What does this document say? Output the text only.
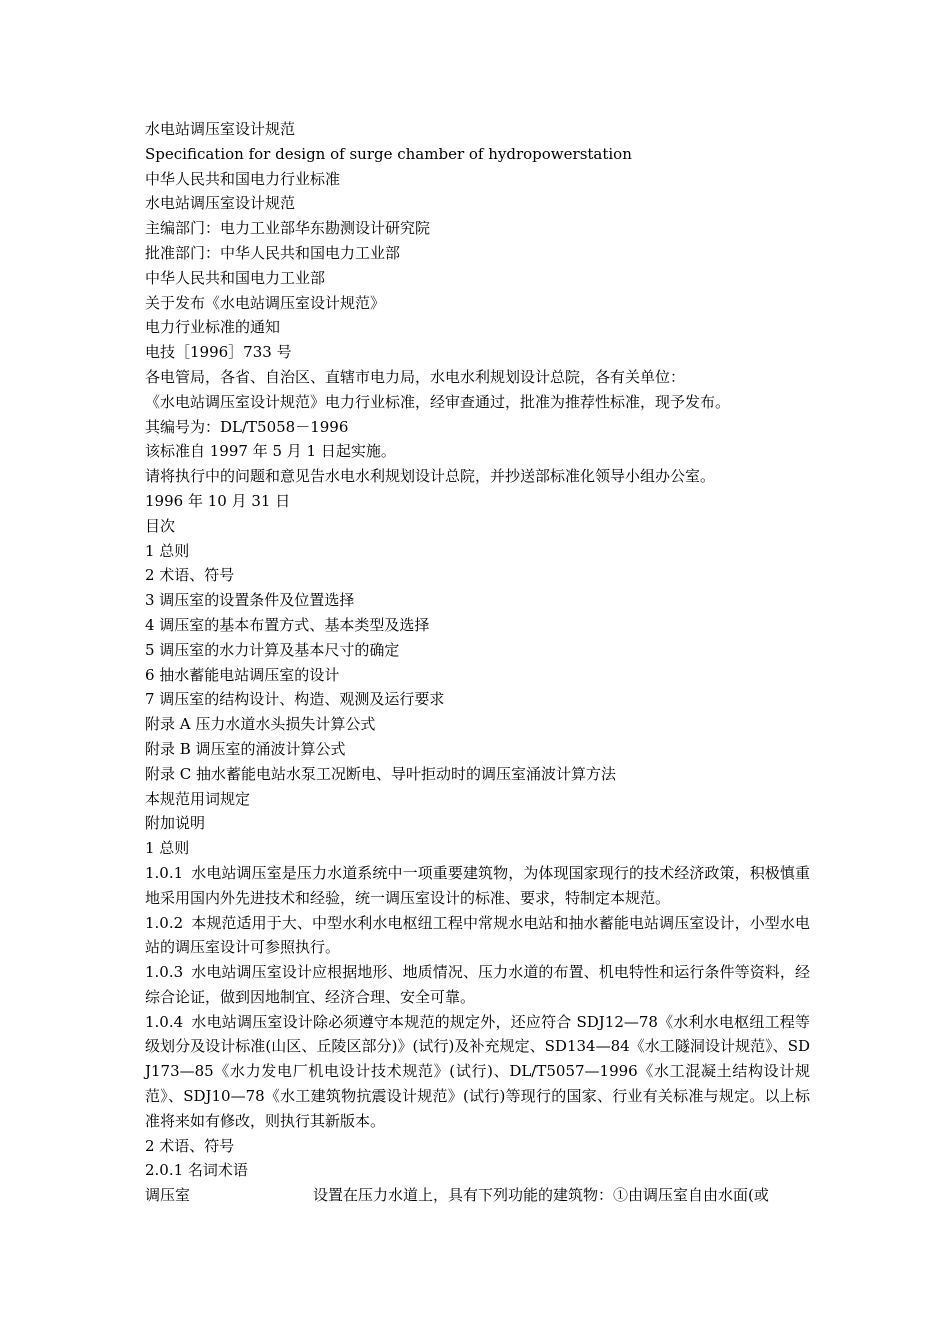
水电站调压室设计规范
Specification for design of surge chamber of hydropowerstation
中华人民共和国电力行业标准
水电站调压室设计规范
主编部门：电力工业部华东勘测设计研究院
批准部门：中华人民共和国电力工业部
中华人民共和国电力工业部
关于发布《水电站调压室设计规范》
电力行业标准的通知
电技［1996］733 号
各电管局，各省、自治区、直辖市电力局，水电水利规划设计总院，各有关单位：
《水电站调压室设计规范》电力行业标准，经审查通过，批准为推荐性标准，现予发布。
其编号为：DL/T5058－1996
该标准自 1997 年 5 月 1 日起实施。
请将执行中的问题和意见告水电水利规划设计总院，并抄送部标准化领导小组办公室。
1996 年 10 月 31 日
目次
1 总则
2 术语、符号
3 调压室的设置条件及位置选择
4 调压室的基本布置方式、基本类型及选择
5 调压室的水力计算及基本尺寸的确定
6 抽水蓄能电站调压室的设计
7 调压室的结构设计、构造、观测及运行要求
附录 A 压力水道水头损失计算公式
附录 B 调压室的涌波计算公式
附录 C 抽水蓄能电站水泵工况断电、导叶拒动时的调压室涌波计算方法
本规范用词规定
附加说明
1 总则
1.0.1 水电站调压室是压力水道系统中一项重要建筑物，为体现国家现行的技术经济政策，积极慎重地采用国内外先进技术和经验，统一调压室设计的标准、要求，特制定本规范。
1.0.2 本规范适用于大、中型水利水电枢纽工程中常规水电站和抽水蓄能电站调压室设计，小型水电站的调压室设计可参照执行。
1.0.3 水电站调压室设计应根据地形、地质情况、压力水道的布置、机电特性和运行条件等资料，经综合论证，做到因地制宜、经济合理、安全可靠。
1.0.4 水电站调压室设计除必须遵守本规范的规定外，还应符合 SDJ12—78《水利水电枢纽工程等级划分及设计标准(山区、丘陵区部分)》(试行)及补充规定、SD134—84《水工隧洞设计规范》、SDJ173—85《水力发电厂机电设计技术规范》(试行)、DL/T5057—1996《水工混凝土结构设计规范》、SDJ10—78《水工建筑物抗震设计规范》(试行)等现行的国家、行业有关标准与规定。以上标准将来如有修改，则执行其新版本。
2 术语、符号
2.0.1 名词术语
调压室	设置在压力水道上，具有下列功能的建筑物：①由调压室自由水面(或
